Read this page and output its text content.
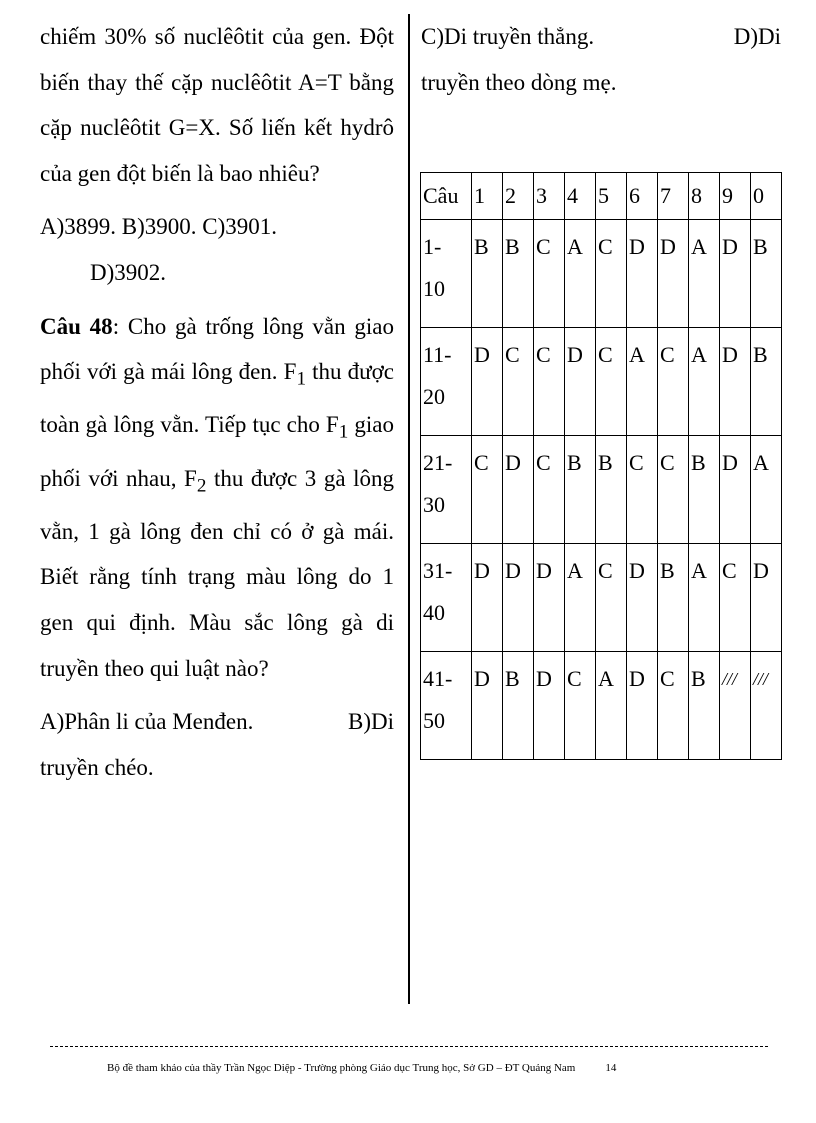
chiếm 30% số nuclêôtit của gen. Đột biến thay thế cặp nuclêôtit A=T bằng cặp nuclêôtit G=X. Số liến kết hydrô của gen đột biến là bao nhiêu?

A)3899. B)3900. C)3901.

D)3902.

Câu 48: Cho gà trống lông vằn giao phối với gà mái lông đen. $F_1$ thu được toàn gà lông vằn. Tiếp tục cho $F_1$ giao phối với nhau, $F_2$ thu được 3 gà lông vằn, 1 gà lông đen chỉ có ở gà mái. Biết rằng tính trạng màu lông do 1 gen qui định. Màu sắc lông gà di truyền theo qui luật nào?

A)Phân li của Menđen.	B)Di

truyền chéo.

C)Di truyền thẳng.	D)Di

truyền theo dòng mẹ.

Câu	1	2	3	4	5	6	7	8	9	0
1-
10	B	B	C	A	C	D	D	A	D	B
11-
20	D	C	C	D	C	A	C	A	D	B
21-
30	C	D	C	B	B	C	C	B	D	A
31-
40	D	D	D	A	C	D	B	A	C	D
41-
50	D	B	D	C	A	D	C	B	///	///
Bộ đề tham khảo của thầy Trần Ngọc Diệp - Trường phòng Giáo dục Trung học, Sở GD – ĐT Quảng Nam	14
